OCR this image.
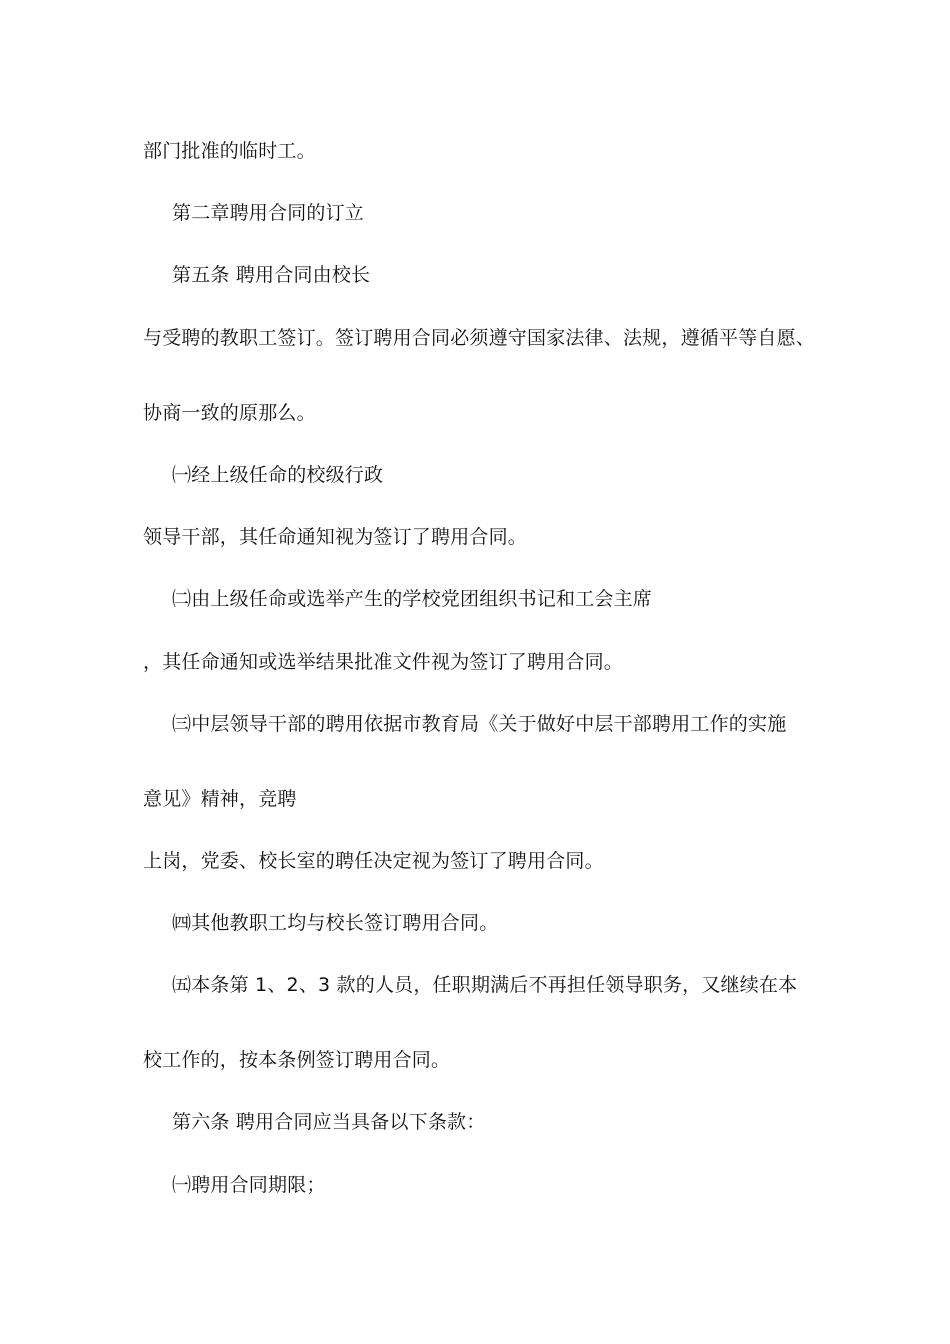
部门批准的临时工。
第二章聘用合同的订立
第五条 聘用合同由校长
与受聘的教职工签订。签订聘用合同必须遵守国家法律、法规，遵循平等自愿、
协商一致的原那么。
㈠经上级任命的校级行政
领导干部，其任命通知视为签订了聘用合同。
㈡由上级任命或选举产生的学校党团组织书记和工会主席
，其任命通知或选举结果批准文件视为签订了聘用合同。
㈢中层领导干部的聘用依据市教育局《关于做好中层干部聘用工作的实施
意见》精神，竞聘
上岗，党委、校长室的聘任决定视为签订了聘用合同。
㈣其他教职工均与校长签订聘用合同。
㈤本条第 1、2、3 款的人员，任职期满后不再担任领导职务，又继续在本
校工作的，按本条例签订聘用合同。
第六条 聘用合同应当具备以下条款：
㈠聘用合同期限；
